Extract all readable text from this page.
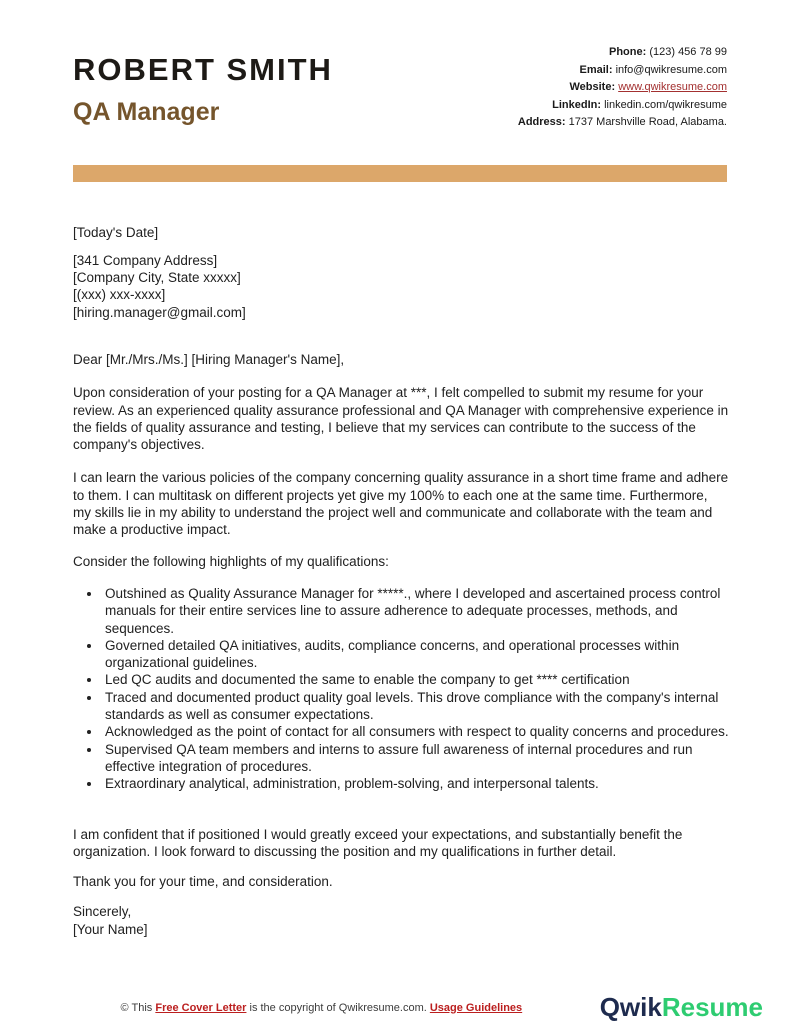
ROBERT SMITH
QA Manager
Phone: (123) 456 78 99
Email: info@qwikresume.com
Website: www.qwikresume.com
LinkedIn: linkedin.com/qwikresume
Address: 1737 Marshville Road, Alabama.
[Today's Date]
[341 Company Address]
[Company City, State xxxxx]
[(xxx) xxx-xxxx]
[hiring.manager@gmail.com]
Dear [Mr./Mrs./Ms.] [Hiring Manager's Name],

Upon consideration of your posting for a QA Manager at ***, I felt compelled to submit my resume for your review. As an experienced quality assurance professional and QA Manager with comprehensive experience in the fields of quality assurance and testing, I believe that my services can contribute to the success of the company's objectives.

I can learn the various policies of the company concerning quality assurance in a short time frame and adhere to them. I can multitask on different projects yet give my 100% to each one at the same time. Furthermore, my skills lie in my ability to understand the project well and communicate and collaborate with the team and make a productive impact.

Consider the following highlights of my qualifications:

• Outshined as Quality Assurance Manager for *****., where I developed and ascertained process control manuals for their entire services line to assure adherence to adequate processes, methods, and sequences.
• Governed detailed QA initiatives, audits, compliance concerns, and operational processes within organizational guidelines.
• Led QC audits and documented the same to enable the company to get **** certification
• Traced and documented product quality goal levels. This drove compliance with the company's internal standards as well as consumer expectations.
• Acknowledged as the point of contact for all consumers with respect to quality concerns and procedures.
• Supervised QA team members and interns to assure full awareness of internal procedures and run effective integration of procedures.
• Extraordinary analytical, administration, problem-solving, and interpersonal talents.

I am confident that if positioned I would greatly exceed your expectations, and substantially benefit the organization. I look forward to discussing the position and my qualifications in further detail.

Thank you for your time, and consideration.

Sincerely,
[Your Name]
© This Free Cover Letter is the copyright of Qwikresume.com. Usage Guidelines	QwikResume
